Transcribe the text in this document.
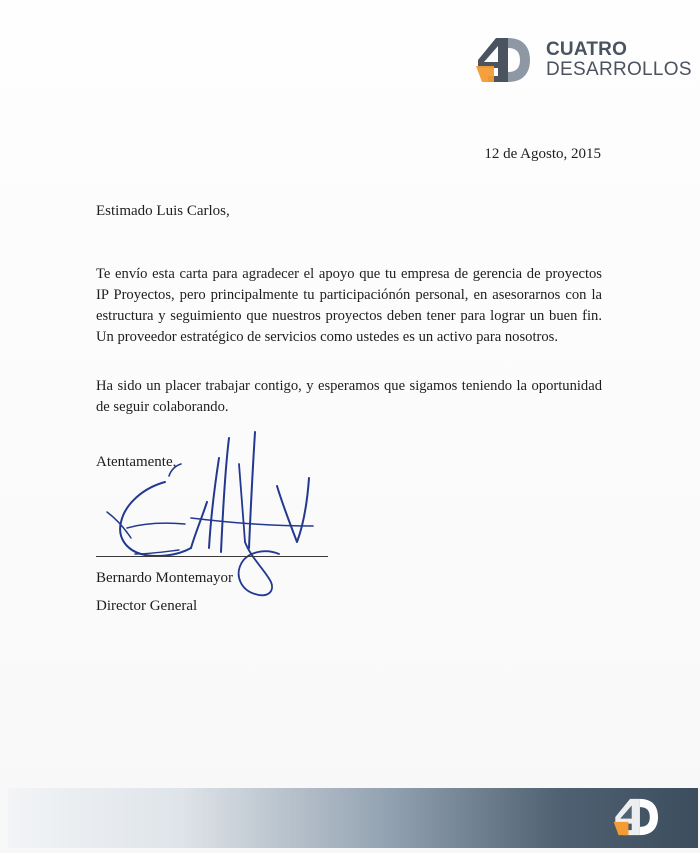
CUATRO
DESARROLLOS
12 de Agosto, 2015
Estimado Luis Carlos,

Te envío esta carta para agradecer el apoyo que tu empresa de gerencia de proyectos IP Proyectos, pero principalmente tu participaciónón personal, en asesorarnos con la estructura y seguimiento que nuestros proyectos deben tener para lograr un buen fin. Un proveedor estratégico de servicios como ustedes es un activo para nosotros.

Ha sido un placer trabajar contigo, y esperamos que sigamos teniendo la oportunidad de seguir colaborando.

Atentamente,
Bernardo Montemayor
Director General
